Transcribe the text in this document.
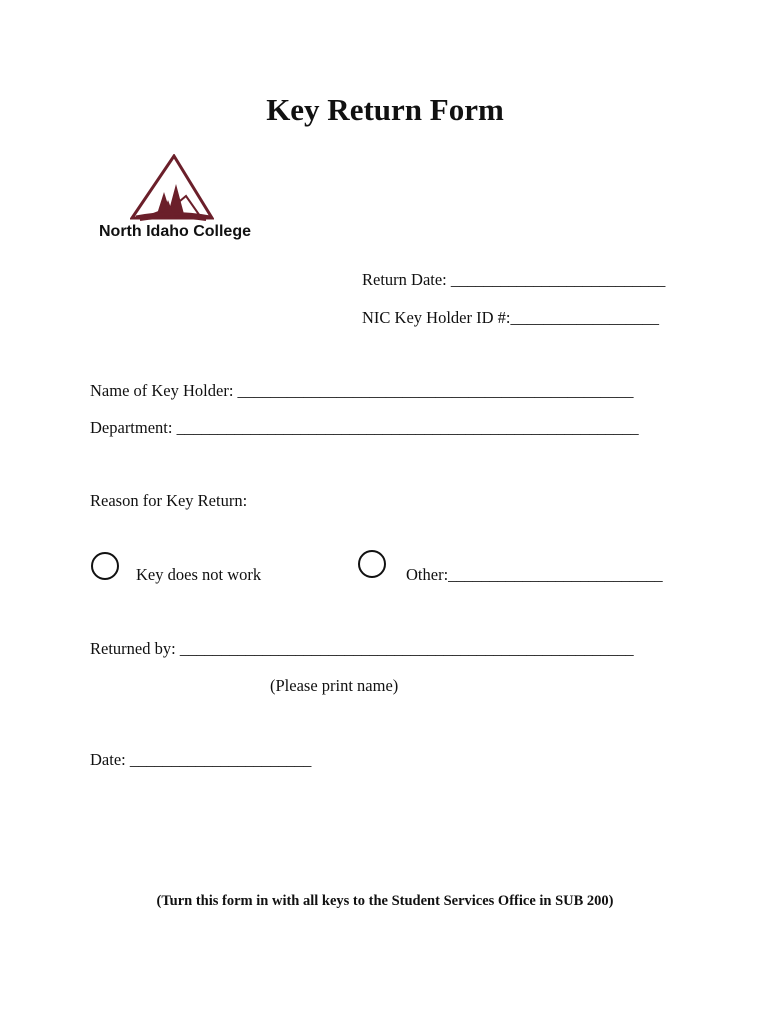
Key Return Form
North Idaho College
Return Date: __________________________
NIC Key Holder ID #:__________________
Name of Key Holder: ________________________________________________
Department: ________________________________________________________
Reason for Key Return:
Key does not work	Other:__________________________
Returned by: _______________________________________________________
(Please print name)
Date: ______________________
(Turn this form in with all keys to the Student Services Office in SUB 200)
